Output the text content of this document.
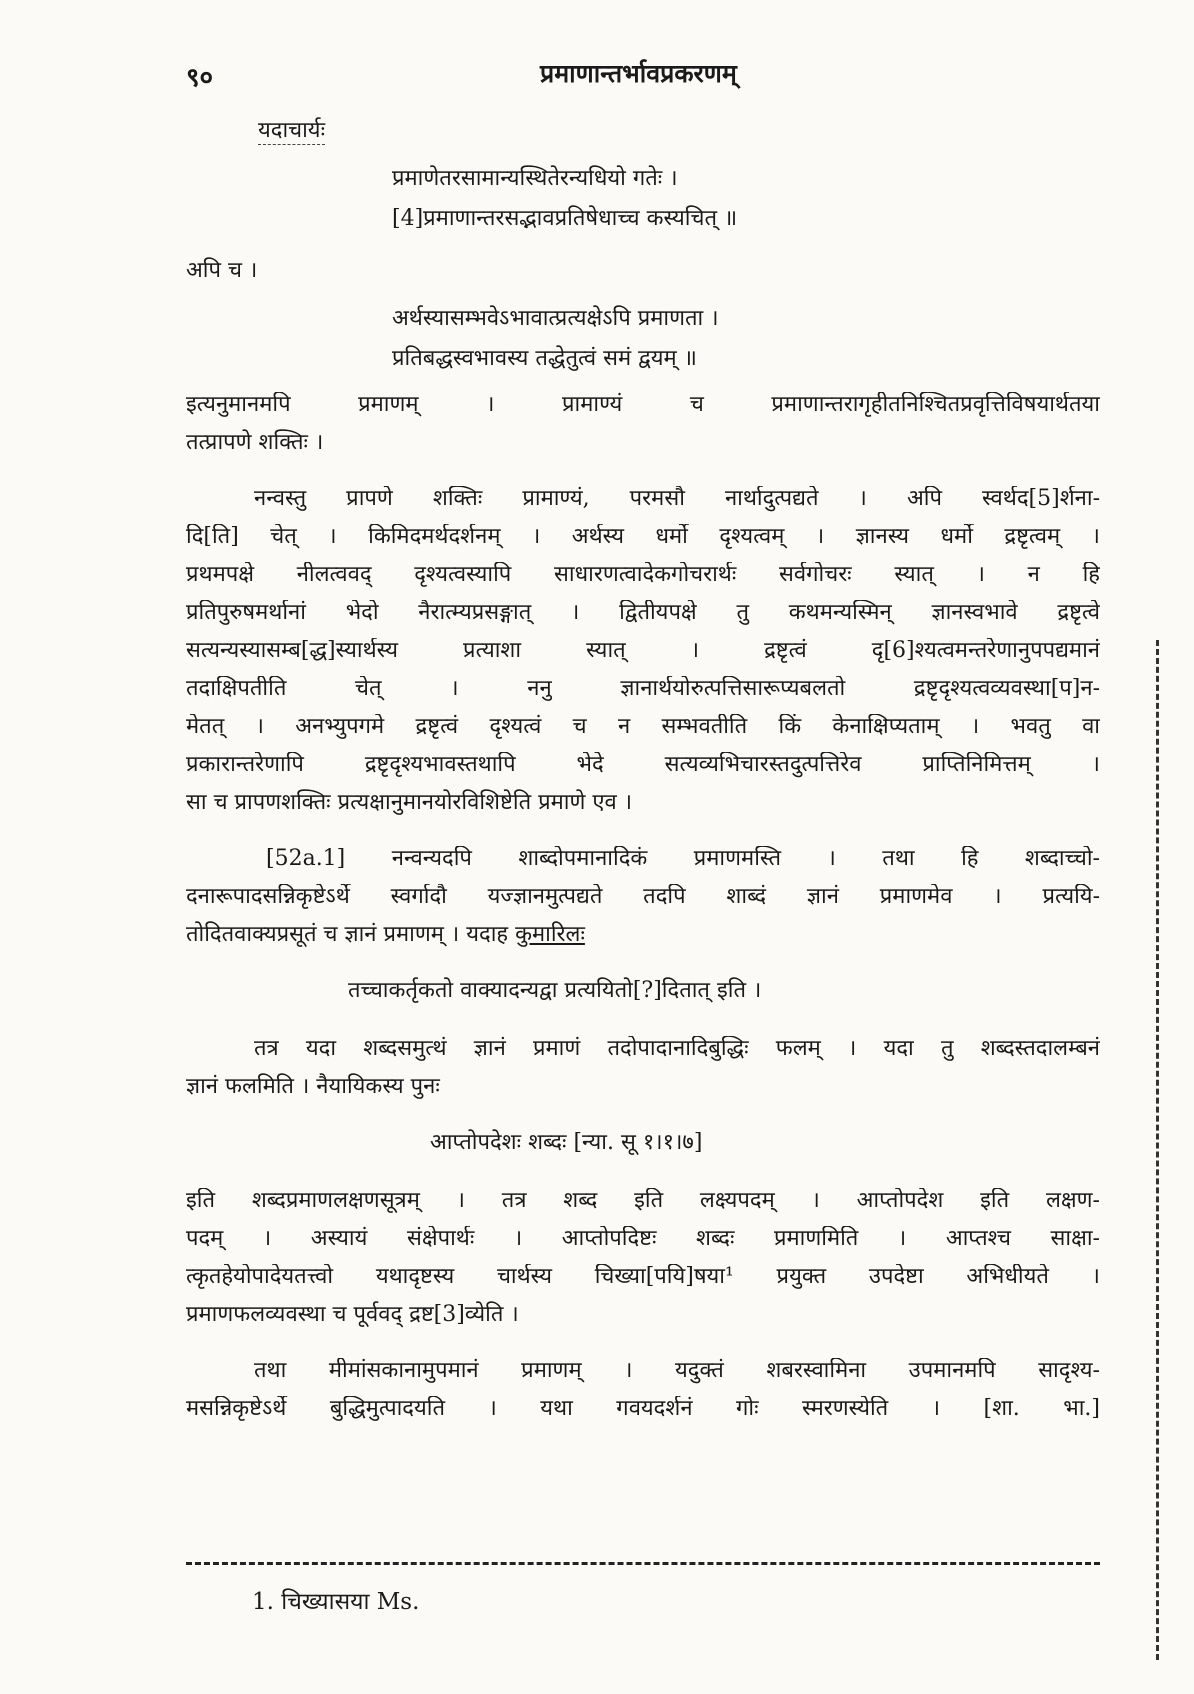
९०	प्रमाणान्तर्भावप्रकरणम्
यदाचार्यः
प्रमाणेतरसामान्यस्थितेरन्यधियो गतेः ।
[4]प्रमाणान्तरसद्भावप्रतिषेधाच्च कस्यचित् ॥
अपि च ।
अर्थस्यासम्भवेऽभावात्प्रत्यक्षेऽपि प्रमाणता ।
प्रतिबद्धस्वभावस्य तद्धेतुत्वं समं द्वयम् ॥
इत्यनुमानमपि प्रमाणम् । प्रामाण्यं च प्रमाणान्तरागृहीतनिश्चितप्रवृत्तिविषयार्थतया
तत्प्रापणे शक्तिः ।
नन्वस्तु प्रापणे शक्तिः प्रामाण्यं, परमसौ नार्थादुत्पद्यते । अपि स्वर्थद[5]र्शना-
दि[ति] चेत् । किमिदमर्थदर्शनम् । अर्थस्य धर्मो दृश्यत्वम् । ज्ञानस्य धर्मो द्रष्टृत्वम् ।
प्रथमपक्षे नीलत्ववद् दृश्यत्वस्यापि साधारणत्वादेकगोचरार्थः सर्वगोचरः स्यात् । न हि
प्रतिपुरुषमर्थानां भेदो नैरात्म्यप्रसङ्गात् । द्वितीयपक्षे तु कथमन्यस्मिन् ज्ञानस्वभावे द्रष्टृत्वे
सत्यन्यस्यासम्ब[द्ध]स्यार्थस्य प्रत्याशा स्यात् । द्रष्टृत्वं दृ[6]श्यत्वमन्तरेणानुपपद्यमानं
तदाक्षिपतीति चेत् । ननु ज्ञानार्थयोरुत्पत्तिसारूप्यबलतो द्रष्टृदृश्यत्वव्यवस्था[प]न-
मेतत् । अनभ्युपगमे द्रष्टृत्वं दृश्यत्वं च न सम्भवतीति किं केनाक्षिप्यताम् । भवतु वा
प्रकारान्तरेणापि द्रष्टृदृश्यभावस्तथापि भेदे सत्यव्यभिचारस्तदुत्पत्तिरेव प्राप्तिनिमित्तम् ।
सा च प्रापणशक्तिः प्रत्यक्षानुमानयोरविशिष्टेति प्रमाणे एव ।
[52a.1] नन्वन्यदपि शाब्दोपमानादिकं प्रमाणमस्ति । तथा हि शब्दाच्चो-
दनारूपादसन्निकृष्टेऽर्थे स्वर्गादौ यज्ज्ञानमुत्पद्यते तदपि शाब्दं ज्ञानं प्रमाणमेव । प्रत्ययि-
तोदितवाक्यप्रसूतं च ज्ञानं प्रमाणम् । यदाह कुमारिलः
तच्चाकर्तृकतो वाक्यादन्यद्वा प्रत्ययितो[?]दितात् इति ।
तत्र यदा शब्दसमुत्थं ज्ञानं प्रमाणं तदोपादानादिबुद्धिः फलम् । यदा तु शब्दस्तदालम्बनं
ज्ञानं फलमिति । नैयायिकस्य पुनः
आप्तोपदेशः शब्दः [न्या. सू १।१।७]
इति शब्दप्रमाणलक्षणसूत्रम् । तत्र शब्द इति लक्ष्यपदम् । आप्तोपदेश इति लक्षण-
पदम् । अस्यायं संक्षेपार्थः । आप्तोपदिष्टः शब्दः प्रमाणमिति । आप्तश्च साक्षा-
त्कृतहेयोपादेयतत्त्वो यथादृष्टस्य चार्थस्य चिख्या[पयि]षया¹ प्रयुक्त उपदेष्टा अभिधीयते ।
प्रमाणफलव्यवस्था च पूर्ववद् द्रष्ट[3]व्येति ।
तथा मीमांसकानामुपमानं प्रमाणम् । यदुक्तं शबरस्वामिना उपमानमपि सादृश्य-
मसन्निकृष्टेऽर्थे बुद्धिमुत्पादयति । यथा गवयदर्शनं गोः स्मरणस्येति । [शा. भा.]
1. चिख्यासया Ms.
